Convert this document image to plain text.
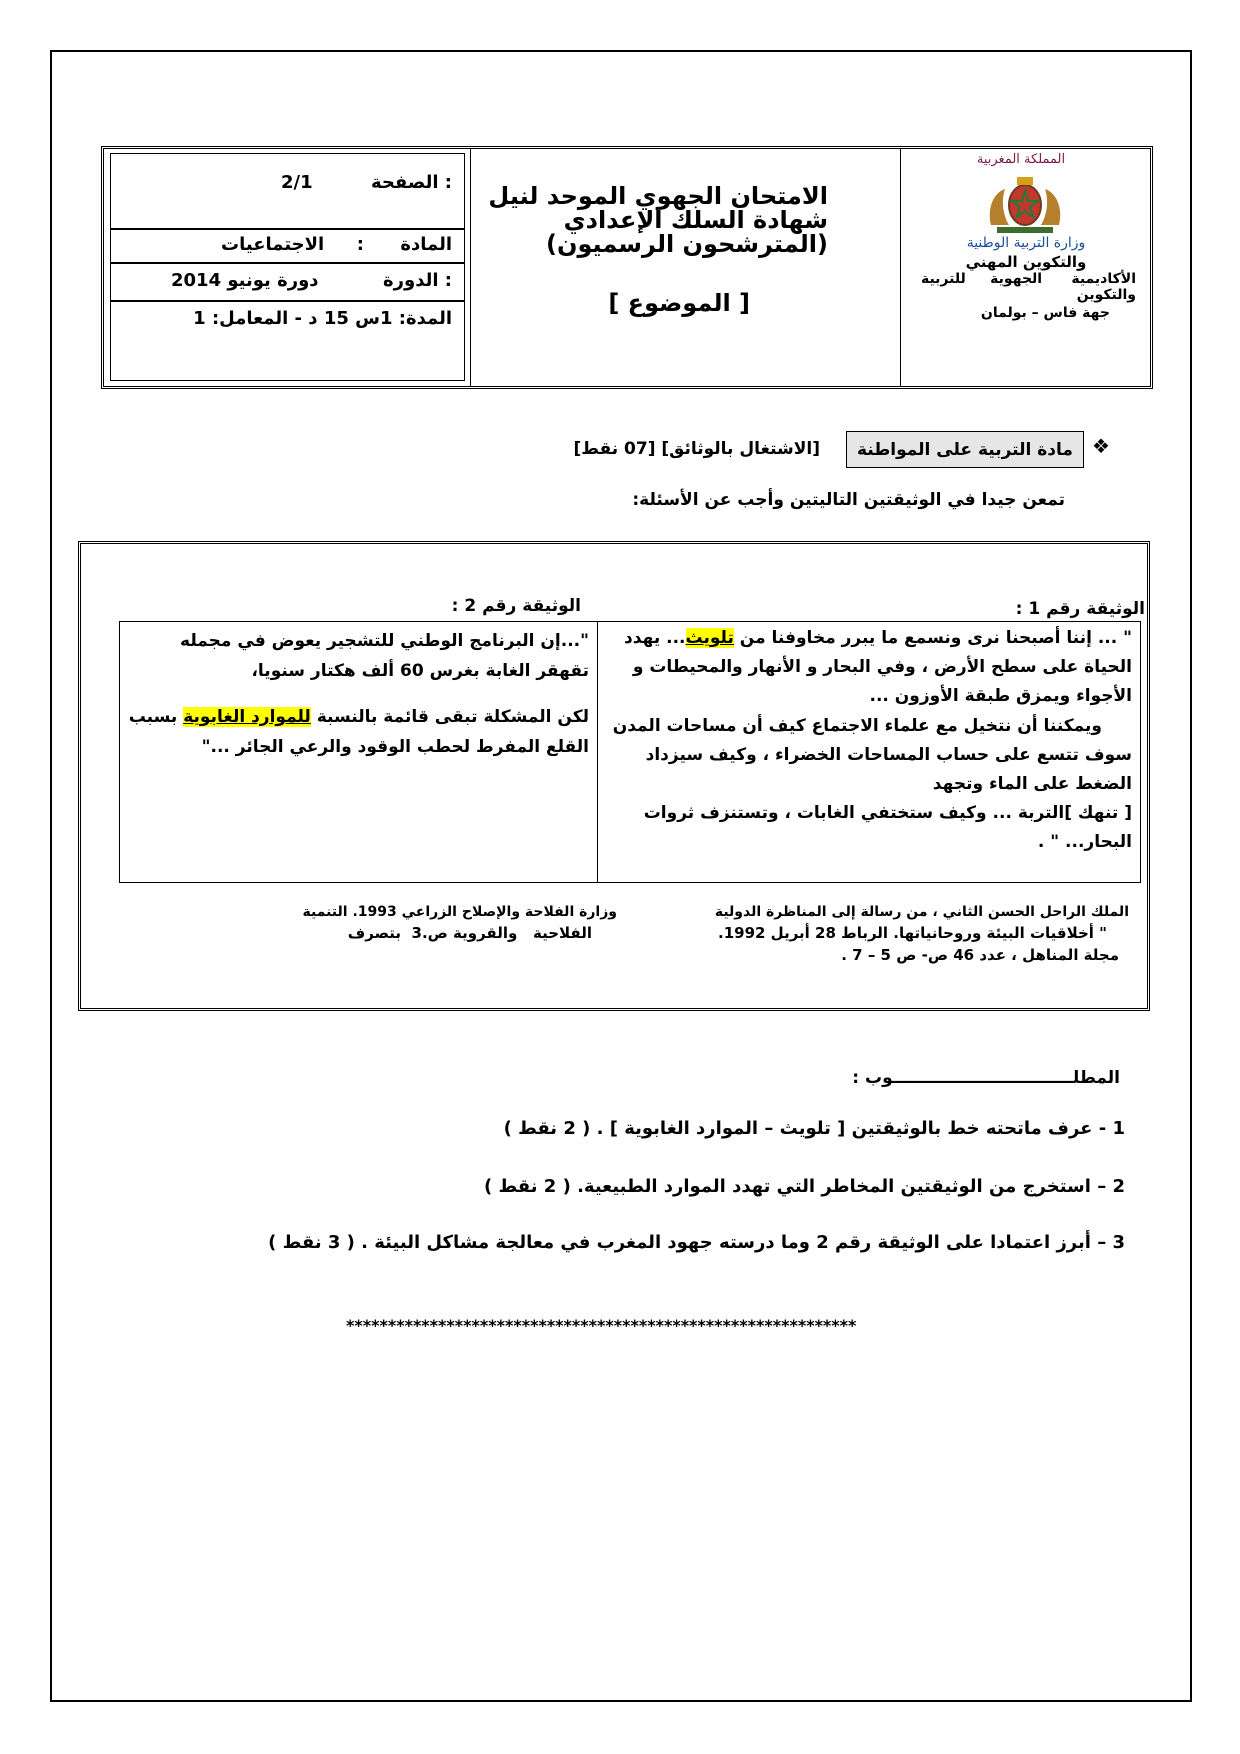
الصفحة :
2/1
المادة
:
الاجتماعيات
الدورة :
دورة يونيو 2014
المدة: 1س 15 د - المعامل: 1
الامتحان الجهوي الموحد لنيل
شهادة السلك الإعدادي
(المترشحون الرسميون)
[ الموضوع ]
المملكة المغربية
وزارة التربية الوطنية
والتكوين المهني
الأكاديمية      الجهوية     للتربية
والتكوين
جهة فاس – بولمان
❖
مادة التربية على المواطنة
[الاشتغال بالوثائق] [07 نقط]
تمعن جيدا في الوثيقتين التاليتين وأجب عن الأسئلة:
الوثيقة رقم 1 :
الوثيقة رقم 2 :
"...إن البرنامج الوطني للتشجير يعوض في مجمله تقهقر الغابة بغرس 60 ألف هكتار سنويا،
لكن المشكلة تبقى قائمة بالنسبة للموارد الغابوية بسبب القلع المفرط لحطب الوقود والرعي الجائر ..."
" ... إننا أصبحنا نرى ونسمع ما يبرر مخاوفنا من تلويث... يهدد الحياة على سطح الأرض ، وفي البحار و الأنهار والمحيطات و الأجواء ويمزق طبقة الأوزون ...
ويمكننا أن نتخيل مع علماء الاجتماع كيف أن مساحات المدن سوف تتسع على حساب المساحات الخضراء ، وكيف سيزداد الضغط على الماء وتجهد
[ تنهك ]التربة ... وكيف ستختفي الغابات ، وتستنزف ثروات البحار... " .
الملك الراحل الحسن الثاني ، من رسالة إلى المناظرة الدولية
" أخلاقيات البيئة وروحانياتها. الرباط 28 أبريل 1992.
مجلة المناهل ، عدد 46 ص- ص 5 – 7 .
وزارة الفلاحة والإصلاح الزراعي 1993. التنمية
الفلاحية   والقروية ص.3  بتصرف
المطلـــــــــــــــــــــــــــــــوب :
1 - عرف ماتحته خط بالوثيقتين [ تلويث – الموارد الغابوية ] . ( 2 نقط )
2 – استخرج من الوثيقتين المخاطر التي تهدد الموارد الطبيعية. ( 2 نقط )
3 – أبرز اعتمادا على الوثيقة رقم 2 وما درسته جهود المغرب في معالجة مشاكل البيئة . ( 3 نقط )
*************************************************************
